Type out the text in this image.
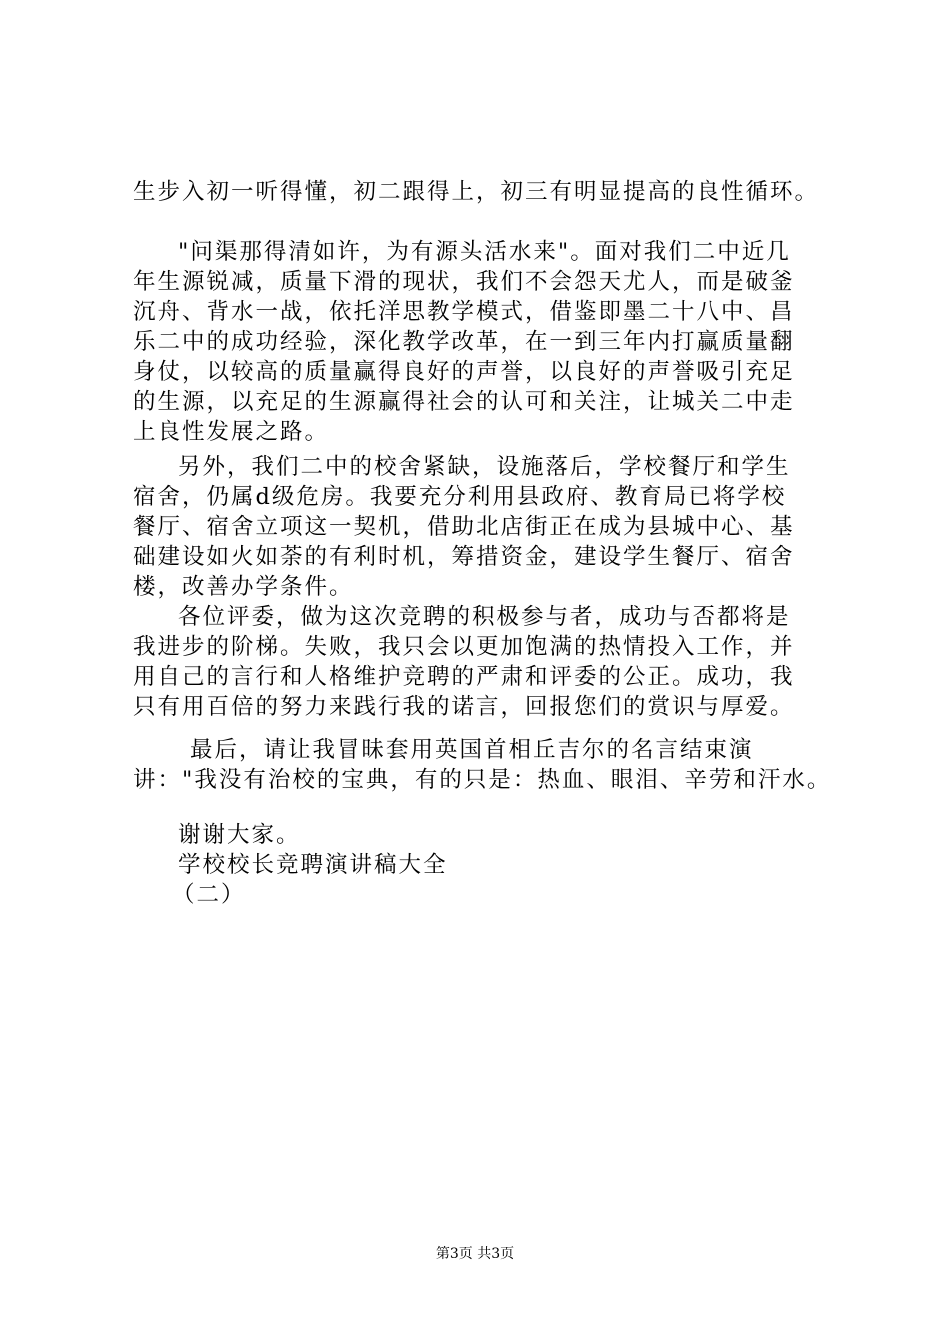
生步入初一听得懂，初二跟得上，初三有明显提高的良性循环。
"问渠那得清如许，为有源头活水来"。面对我们二中近几
年生源锐减，质量下滑的现状，我们不会怨天尤人，而是破釜
沉舟、背水一战，依托洋思教学模式，借鉴即墨二十八中、昌
乐二中的成功经验，深化教学改革，在一到三年内打赢质量翻
身仗，以较高的质量赢得良好的声誉，以良好的声誉吸引充足
的生源，以充足的生源赢得社会的认可和关注，让城关二中走
上良性发展之路。
另外，我们二中的校舍紧缺，设施落后，学校餐厅和学生
宿舍，仍属d级危房。我要充分利用县政府、教育局已将学校
餐厅、宿舍立项这一契机，借助北店街正在成为县城中心、基
础建设如火如荼的有利时机，筹措资金，建设学生餐厅、宿舍
楼，改善办学条件。
各位评委，做为这次竞聘的积极参与者，成功与否都将是
我进步的阶梯。失败，我只会以更加饱满的热情投入工作，并
用自己的言行和人格维护竞聘的严肃和评委的公正。成功，我
只有用百倍的努力来践行我的诺言，回报您们的赏识与厚爱。
最后，请让我冒昧套用英国首相丘吉尔的名言结束演
讲："我没有治校的宝典，有的只是：热血、眼泪、辛劳和汗水。
谢谢大家。
学校校长竞聘演讲稿大全
（二）
第3页 共3页
